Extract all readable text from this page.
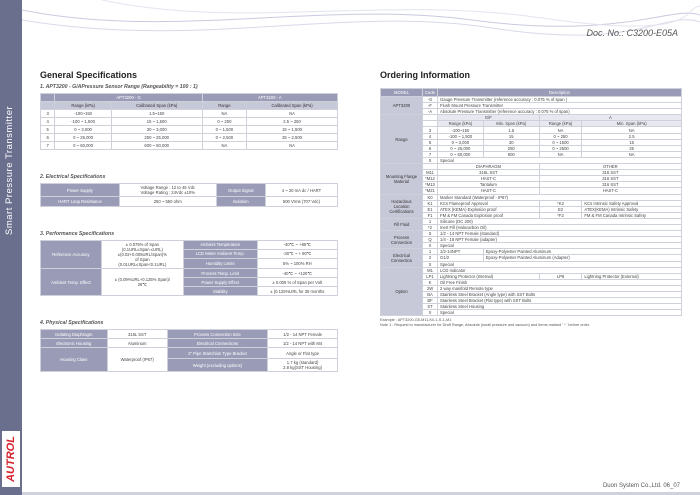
Smart Pressure Transmitter
AUTROL
Doc. No.: C3200-E05A
General Specifications
1. APT3200 - G/APressure Sensor Range (Rangeability = 100 : 1)
	APT3200 - G		APT3200 - A	
	Range (kPa)	Calibrated Span (kPa)	Range	Calibrated Span (kPa)
3	-100~150	1.5~150	NA	NA
4	-100 ~ 1,500	15 ~ 1,500	0 ~ 250	2.5 ~ 250
5	0 ~ 3,000	30 ~ 3,000	0 ~ 1,500	15 ~ 1,500
6	0 ~ 25,000	250 ~ 25,000	0 ~ 2,500	25 ~ 2,500
7	0 ~ 60,000	600 ~ 60,000	NA	NA
2. Electrical Specifications
Power Supply	Voltage Range : 12 to 45 Vdc
Voltage Rating : 24Vdc ±10%	Output Signal	4 ~ 20 mA dc / HART
HART Loop Resistance	250 ~ 550 ohm	Isolation	500 Vrms (707 Vdc)
3. Performance Specifications
Reference Accuracy	± 0.075% of Span
(0.1URL≤Span ≤URL)
±(0.02+0.005URL/Span)%
of Span
(0.01URL≤Span<0.1URL)	Ambient Temperature	-40℃ ~ +85℃
		LCD Meter Ambient Temp.	-30℃ ~ + 80℃
		Humidity Limits	5% ~ 100% RH
Ambient Temp. Effect	± (0.09%URL+0.125% Span)/
28℃	Process Temp. Limit	-40℃ ~ +120℃
		Power Supply Effect	± 0.005 % of Span per Volt
		Stability	± (0.125%URL for 36 months
4. Physical Specifications
Isolating Diaphragm	316L SST	Process Connection Size	1/2 - 14 NPT Female
Electronic Housing	Aluminum	Electrical Connections	1/2 - 14 NPT with M4
Housing Class	Waterproof (IP67)	2" Pipe Stanchion Type Bracket	Angle or Flat type
		Weight (excluding options)	1.7 kg (standard)
2.8 kg(SST Housing)
Ordering Information
MODEL	Code	Description			
APT3200	-G	Gauge Pressure Transmitter (reference accuracy : 0.075 % of span )			
	-F	Flush Mount Pressure Transmitter			
	-A	Absolute Pressure Transmitter (reference accuracy : 0.075 % of span)			
Range		G/F		A	
		Range (kPa)	Min. Span (kPa)	Range (kPa)	Min. Span (kPa)
	3	-100~150	1.5	NA	NA
	4	-100 ~ 1,500	15	0 ~ 250	2.5
	5	0 ~ 3,000	30	0 ~ 1500	15
	6	0 ~ 25,000	250	0 ~ 2500	25
	7	0 ~ 60,000	600	NA	NA
	X	Special			
Mounting Flange Material		DIAPHRAGM		OTHER	
	M11	316L SST		316 SST	
	*M12	HAST-C		316 SST	
	*M13	Tantalum		316 SST	
	*M21	HAST-C		HAST-C	
Hazardous Location Certifications	K0	Marker Standard (Waterproof - IP67)			
	K1	KCs Flameproof Approval		*K2	KCs Intrinsic Safety Approval
	E1	ATEX (KEMA) Explosion proof		E2	ATEX(KEMA) Intrinsic Safety
	F1	FM & FM Canada Explosion proof		*F2	FM & FM Canada Intrinsic Safety
Fill Fluid	1	Silicone (DC 200)			
	*2	Inert Fill (Halocarbon Oil)			
Process Connection	S	1/2 - 14 NPT Female (standard)			
	Q	1/4 - 18 NPT Female (adapter)			
	X	Special			
Electrical Connection	1	1/2-14NPT	Epoxy-Polyester Painted Aluminum		
	2	G1/2	Epoxy-Polyester Painted Aluminum (Adapter)		
	X	Special			
Option	M1	LCD Indicator			
	LP1	Lightning Protector (Internal)		LP8	Lightning Protector (External)
	K	Oil Free Finish			
	2W	2 way manifold Remote type			
	BA	Stainless Steel Bracket (Angle type) with SST Bolts			
	BF	Stainless Steel Bracket (Flat type) with SST Bolts			
	ST	Stainless Steel Housing			
	X	Special			
Example : APT3200-G5-M11-K0-1-S-1-M1
Note 1 : Request to manufacturer for Draft Range, Absolute (small pressure and vacuum) and Items marked ' * ' before order.
Duon System Co.,Ltd. 06_07
